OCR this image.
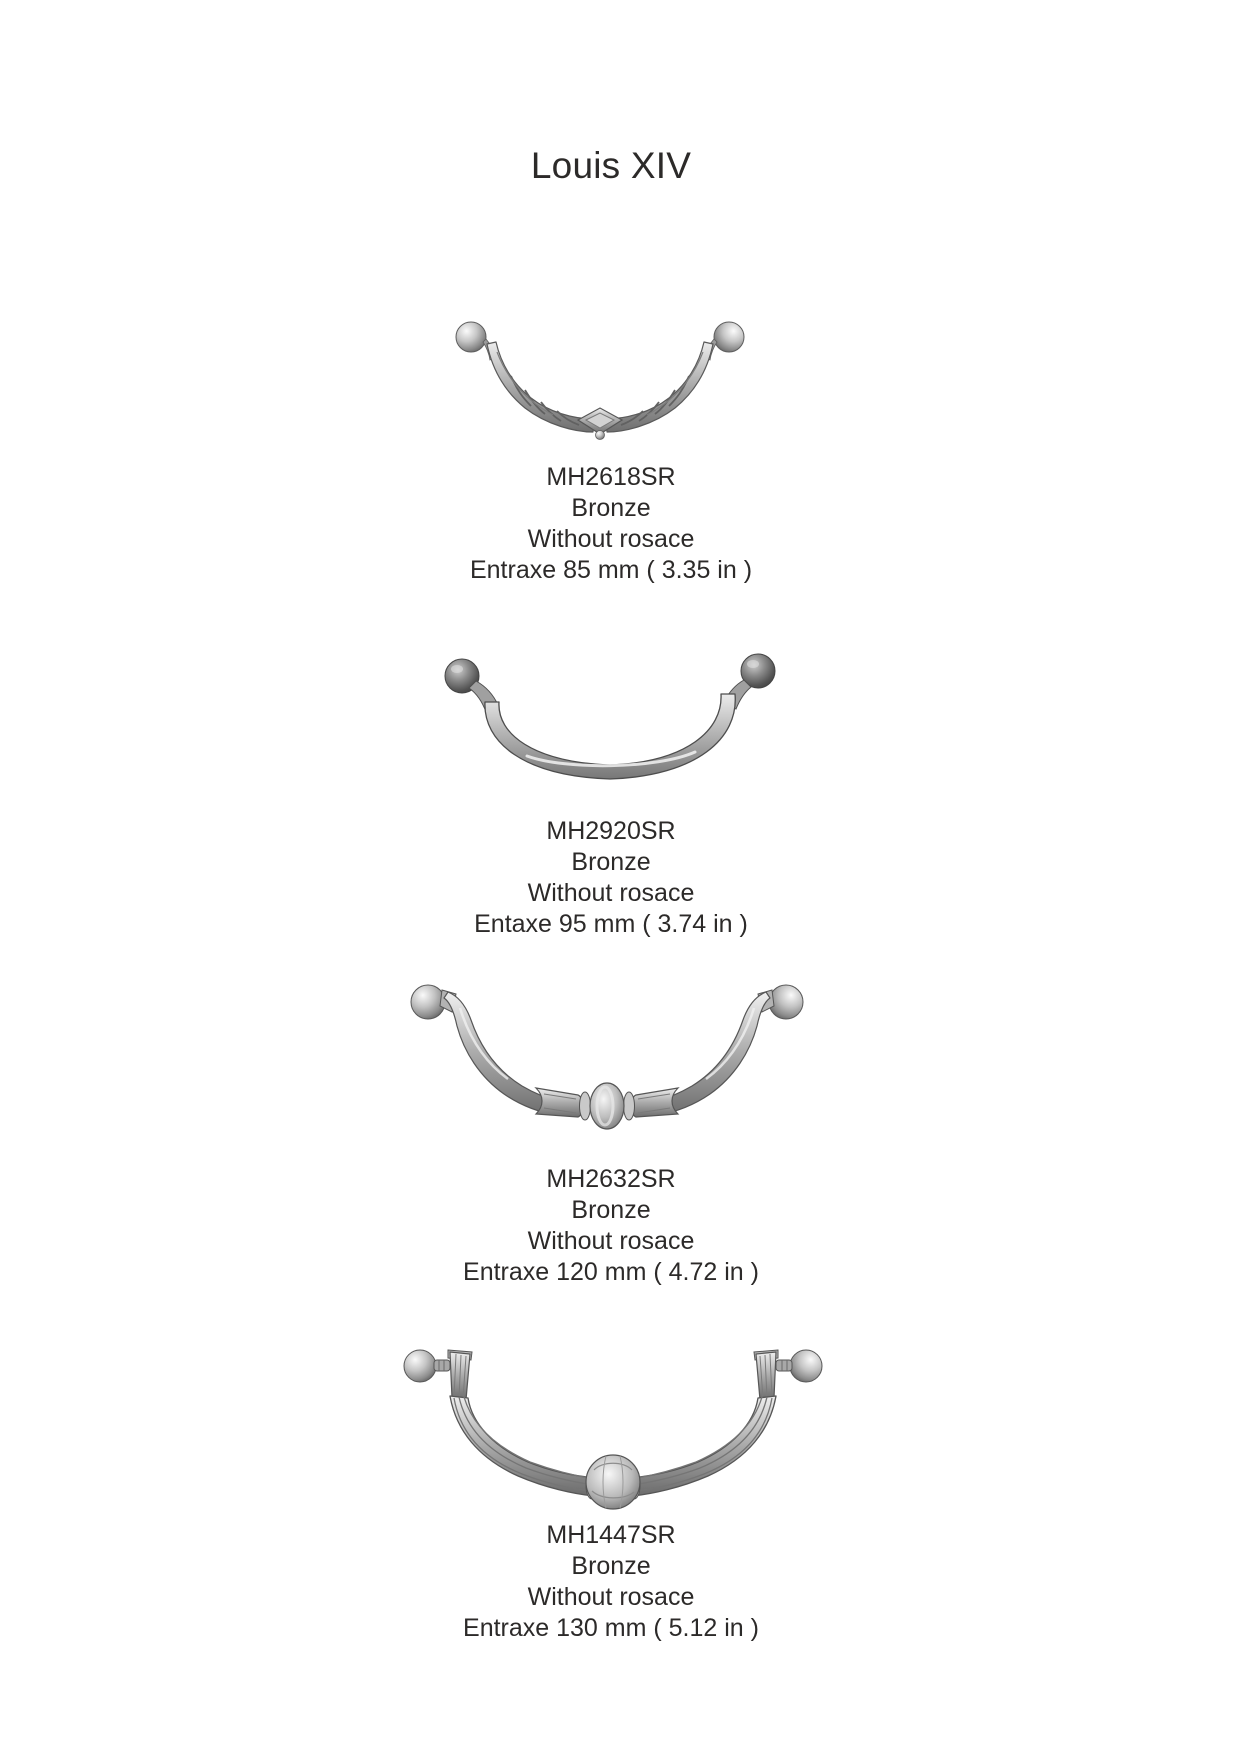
Louis XIV
MH2618SR
Bronze
Without rosace
Entraxe 85 mm ( 3.35 in )
MH2920SR
Bronze
Without rosace
Entaxe 95 mm ( 3.74 in )
MH2632SR
Bronze
Without rosace
Entraxe 120 mm ( 4.72 in )
MH1447SR
Bronze
Without rosace
Entraxe 130 mm ( 5.12 in )
